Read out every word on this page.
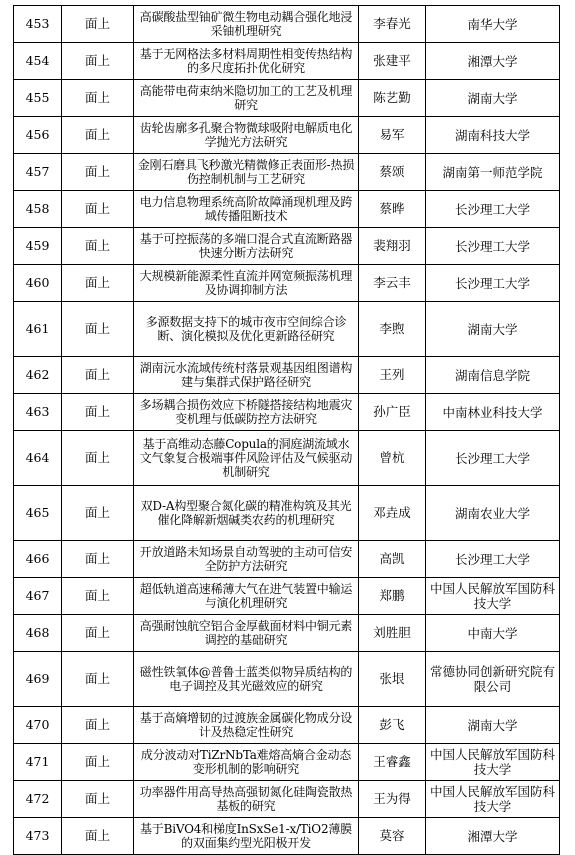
453	面上	高碳酸盐型铀矿微生物电动耦合强化地浸采铀机理研究	李春光	南华大学

454	面上	基于无网格法多材料周期性相变传热结构的多尺度拓扑优化研究	张建平	湘潭大学

455	面上	高能带电荷束纳米隐切加工的工艺及机理研究	陈艺勤	湖南大学

456	面上	齿轮齿廓多孔聚合物微球吸附电解质电化学抛光方法研究	易军	湖南科技大学

457	面上	金刚石磨具飞秒激光精微修正表面形-热损伤控制机制与工艺研究	蔡颂	湖南第一师范学院

458	面上	电力信息物理系统高阶故障涌现机理及跨域传播阻断技术	蔡晔	长沙理工大学

459	面上	基于可控振荡的多端口混合式直流断路器快速分断方法研究	裴翔羽	长沙理工大学

460	面上	大规模新能源柔性直流并网宽频振荡机理及协调抑制方法	李云丰	长沙理工大学

461	面上	多源数据支持下的城市夜市空间综合诊断、演化模拟及优化更新路径研究	李煦	湖南大学

462	面上	湖南沅水流域传统村落景观基因组图谱构建与集群式保护路径研究	王列	湖南信息学院

463	面上	多场耦合损伤效应下桥隧搭接结构地震灾变机理与低碳防控方法研究	孙广臣	中南林业科技大学

464	面上	基于高维动态藤Copula的洞庭湖流域水文气象复合极端事件风险评估及气候驱动机制研究	曾杭	长沙理工大学

465	面上	双D-A构型聚合氮化碳的精准构筑及其光催化降解新烟碱类农药的机理研究	邓垚成	湖南农业大学

466	面上	开放道路未知场景自动驾驶的主动可信安全防护方法研究	高凯	长沙理工大学

467	面上	超低轨道高速稀薄大气在进气装置中输运与演化机理研究	郑鹏	中国人民解放军国防科技大学

468	面上	高强耐蚀航空铝合金厚截面材料中铜元素调控的基础研究	刘胜胆	中南大学

469	面上	磁性铁氧体@普鲁士蓝类似物异质结构的电子调控及其光磁效应的研究	张垠	常德协同创新研究院有限公司

470	面上	基于高熵增韧的过渡族金属碳化物成分设计及热稳定性研究	彭飞	湖南大学

471	面上	成分波动对TiZrNbTa难熔高熵合金动态变形机制的影响研究	王睿鑫	中国人民解放军国防科技大学

472	面上	功率器件用高导热高强韧氮化硅陶瓷散热基板的研究	王为得	中国人民解放军国防科技大学

473	面上	基于BiVO4和梯度InSxSe1-x/TiO2薄膜的双面集约型光阳极开发	莫容	湘潭大学
